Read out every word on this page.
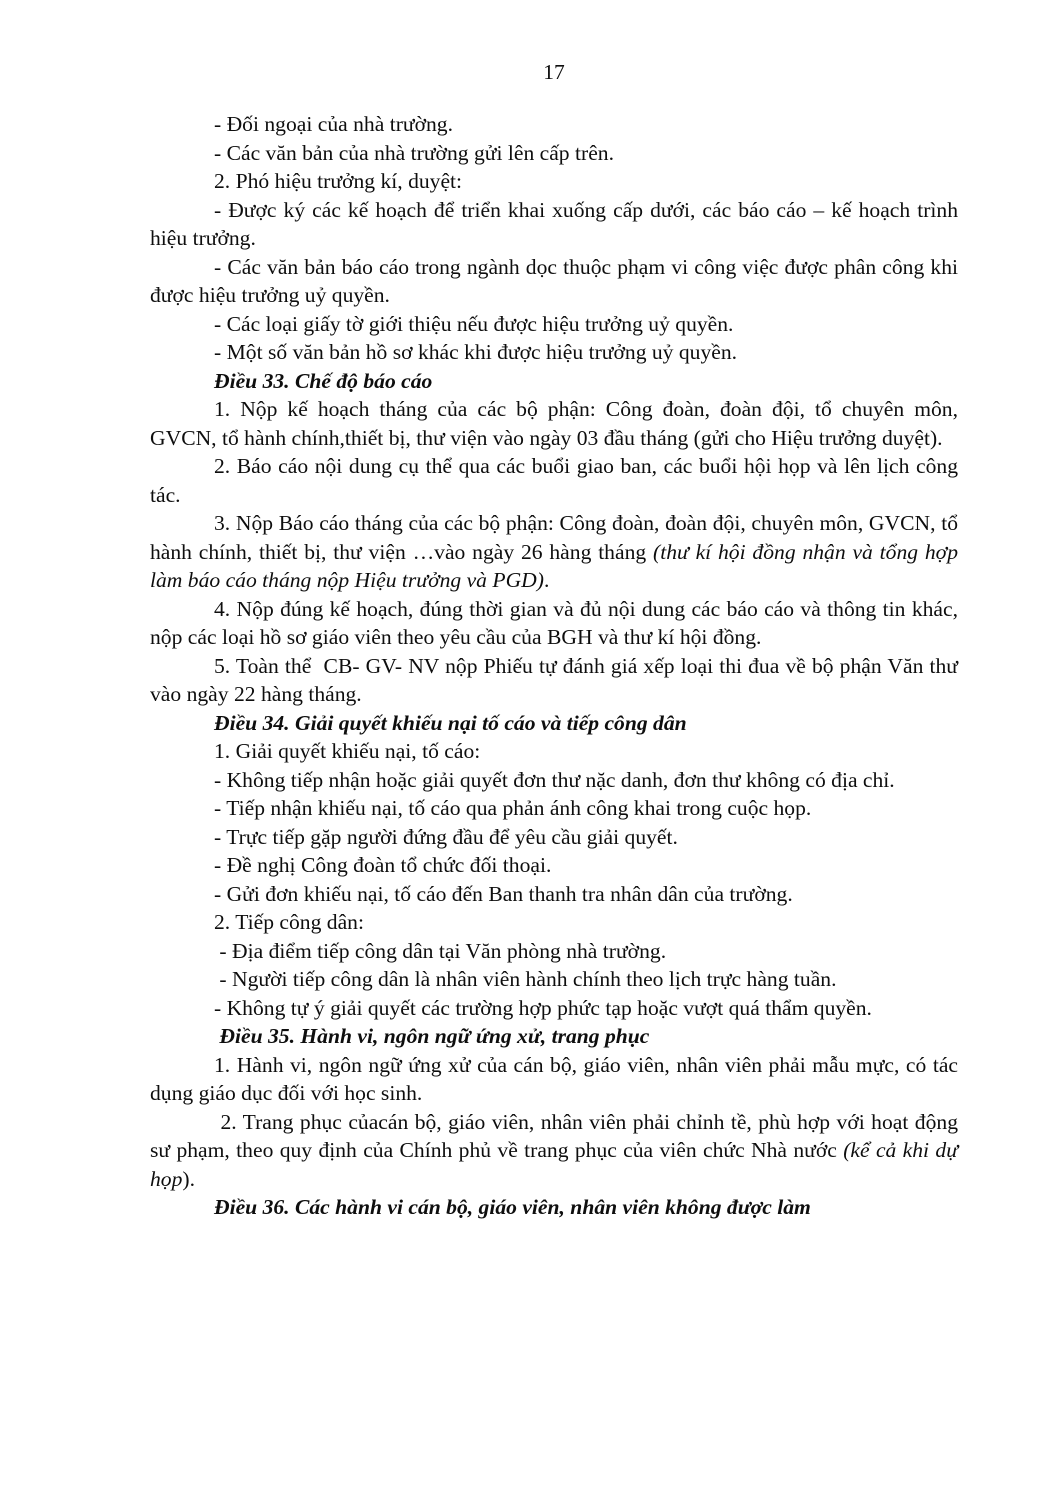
17

- Đối ngoại của nhà trường.

- Các văn bản của nhà trường gửi lên cấp trên.

2. Phó hiệu trưởng kí, duyệt:

- Được ký các kế hoạch để triển khai xuống cấp dưới, các báo cáo – kế hoạch trình hiệu trưởng.

- Các văn bản báo cáo trong ngành dọc thuộc phạm vi công việc được phân công khi được hiệu trưởng uỷ quyền.

- Các loại giấy tờ giới thiệu nếu được hiệu trưởng uỷ quyền.

- Một số văn bản hồ sơ khác khi được hiệu trưởng uỷ quyền.

Điều 33. Chế độ báo cáo

1. Nộp kế hoạch tháng của các bộ phận: Công đoàn, đoàn đội, tổ chuyên môn, GVCN, tổ hành chính,thiết bị, thư viện vào ngày 03 đầu tháng (gửi cho Hiệu trưởng duyệt).

2. Báo cáo nội dung cụ thể qua các buổi giao ban, các buổi hội họp và lên lịch công tác.

3. Nộp Báo cáo tháng của các bộ phận: Công đoàn, đoàn đội, chuyên môn, GVCN, tổ hành chính, thiết bị, thư viện …vào ngày 26 hàng tháng (thư kí hội đồng nhận và tổng hợp làm báo cáo tháng nộp Hiệu trưởng và PGD).

4. Nộp đúng kế hoạch, đúng thời gian và đủ nội dung các báo cáo và thông tin khác, nộp các loại hồ sơ giáo viên theo yêu cầu của BGH và thư kí hội đồng.

5. Toàn thể  CB- GV- NV nộp Phiếu tự đánh giá xếp loại thi đua về bộ phận Văn thư vào ngày 22 hàng tháng.

Điều 34. Giải quyết khiếu nại tố cáo và tiếp công dân

1. Giải quyết khiếu nại, tố cáo:

- Không tiếp nhận hoặc giải quyết đơn thư nặc danh, đơn thư không có địa chỉ.

- Tiếp nhận khiếu nại, tố cáo qua phản ánh công khai trong cuộc họp.

- Trực tiếp gặp người đứng đầu để yêu cầu giải quyết.

- Đề nghị Công đoàn tổ chức đối thoại.

- Gửi đơn khiếu nại, tố cáo đến Ban thanh tra nhân dân của trường.

2. Tiếp công dân:

- Địa điểm tiếp công dân tại Văn phòng nhà trường.

- Người tiếp công dân là nhân viên hành chính theo lịch trực hàng tuần.

- Không tự ý giải quyết các trường hợp phức tạp hoặc vượt quá thẩm quyền.

Điều 35. Hành vi, ngôn ngữ ứng xử, trang phục

1. Hành vi, ngôn ngữ ứng xử của cán bộ, giáo viên, nhân viên phải mẫu mực, có tác dụng giáo dục đối với học sinh.

2. Trang phục củacán bộ, giáo viên, nhân viên phải chỉnh tề, phù hợp với hoạt động sư phạm, theo quy định của Chính phủ về trang phục của viên chức Nhà nước (kể cả khi dự họp).

Điều 36. Các hành vi cán bộ, giáo viên, nhân viên không được làm
